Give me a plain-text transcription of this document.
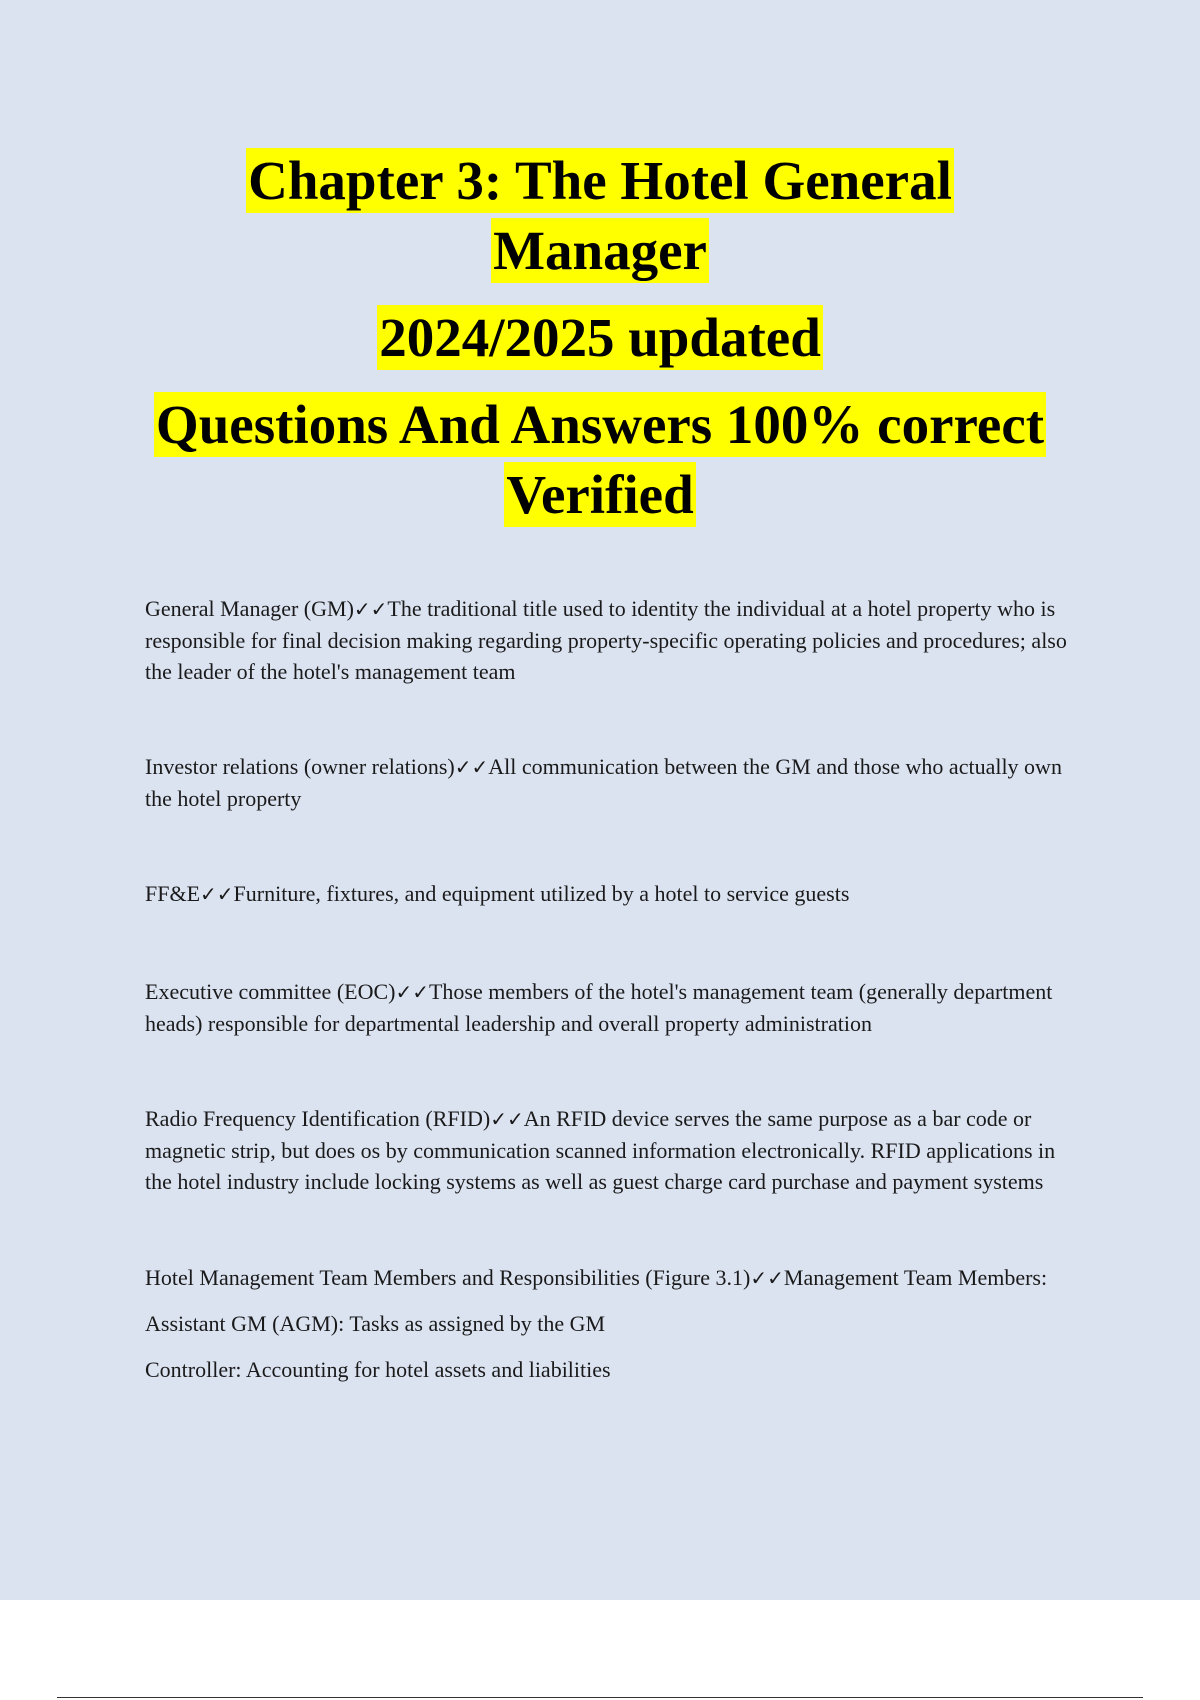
Chapter 3: The Hotel General

Manager

2024/2025 updated

Questions And Answers 100% correct

Verified

General Manager (GM)✓✓The traditional title used to identity the individual at a hotel property who is responsible for final decision making regarding property-specific operating policies and procedures; also the leader of the hotel's management team

Investor relations (owner relations)✓✓All communication between the GM and those who actually own the hotel property

FF&E✓✓Furniture, fixtures, and equipment utilized by a hotel to service guests

Executive committee (EOC)✓✓Those members of the hotel's management team (generally department heads) responsible for departmental leadership and overall property administration

Radio Frequency Identification (RFID)✓✓An RFID device serves the same purpose as a bar code or magnetic strip, but does os by communication scanned information electronically. RFID applications in the hotel industry include locking systems as well as guest charge card purchase and payment systems

Hotel Management Team Members and Responsibilities (Figure 3.1)✓✓Management Team Members:

Assistant GM (AGM): Tasks as assigned by the GM

Controller: Accounting for hotel assets and liabilities
